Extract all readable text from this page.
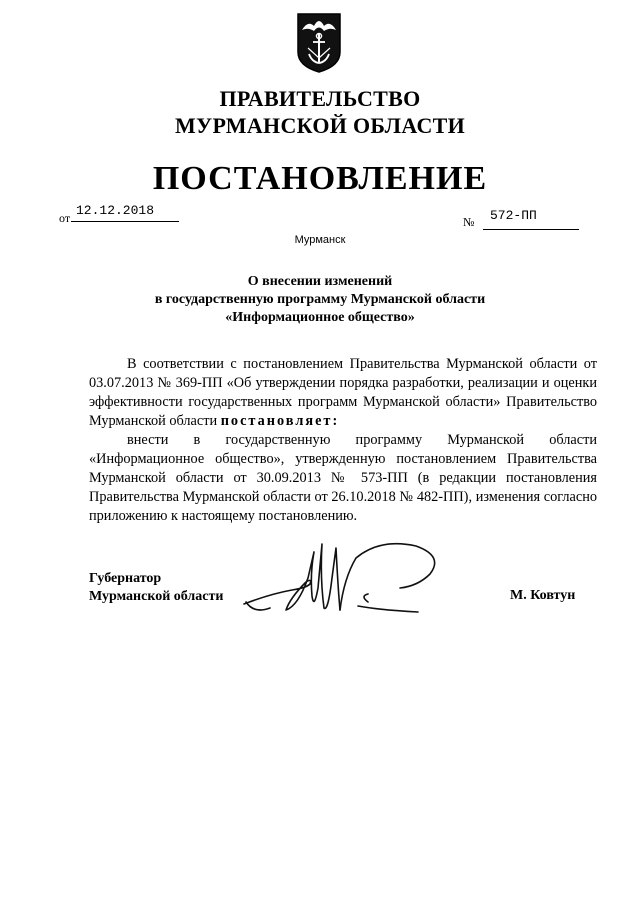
ПРАВИТЕЛЬСТВО
МУРМАНСКОЙ ОБЛАСТИ
ПОСТАНОВЛЕНИЕ
от 12.12.2018
№ 572-ПП
Мурманск
О внесении изменений
в государственную программу Мурманской области
«Информационное общество»
В соответствии с постановлением Правительства Мурманской области от 03.07.2013 № 369-ПП «Об утверждении порядка разработки, реализации и оценки эффективности государственных программ Мурманской области» Правительство Мурманской области постановляет:
внести в государственную программу Мурманской области «Информационное общество», утвержденную постановлением Правительства Мурманской области от 30.09.2013 № 573-ПП (в редакции постановления Правительства Мурманской области от 26.10.2018 № 482-ПП), изменения согласно приложению к настоящему постановлению.
Губернатор
Мурманской области	М. Ковтун
